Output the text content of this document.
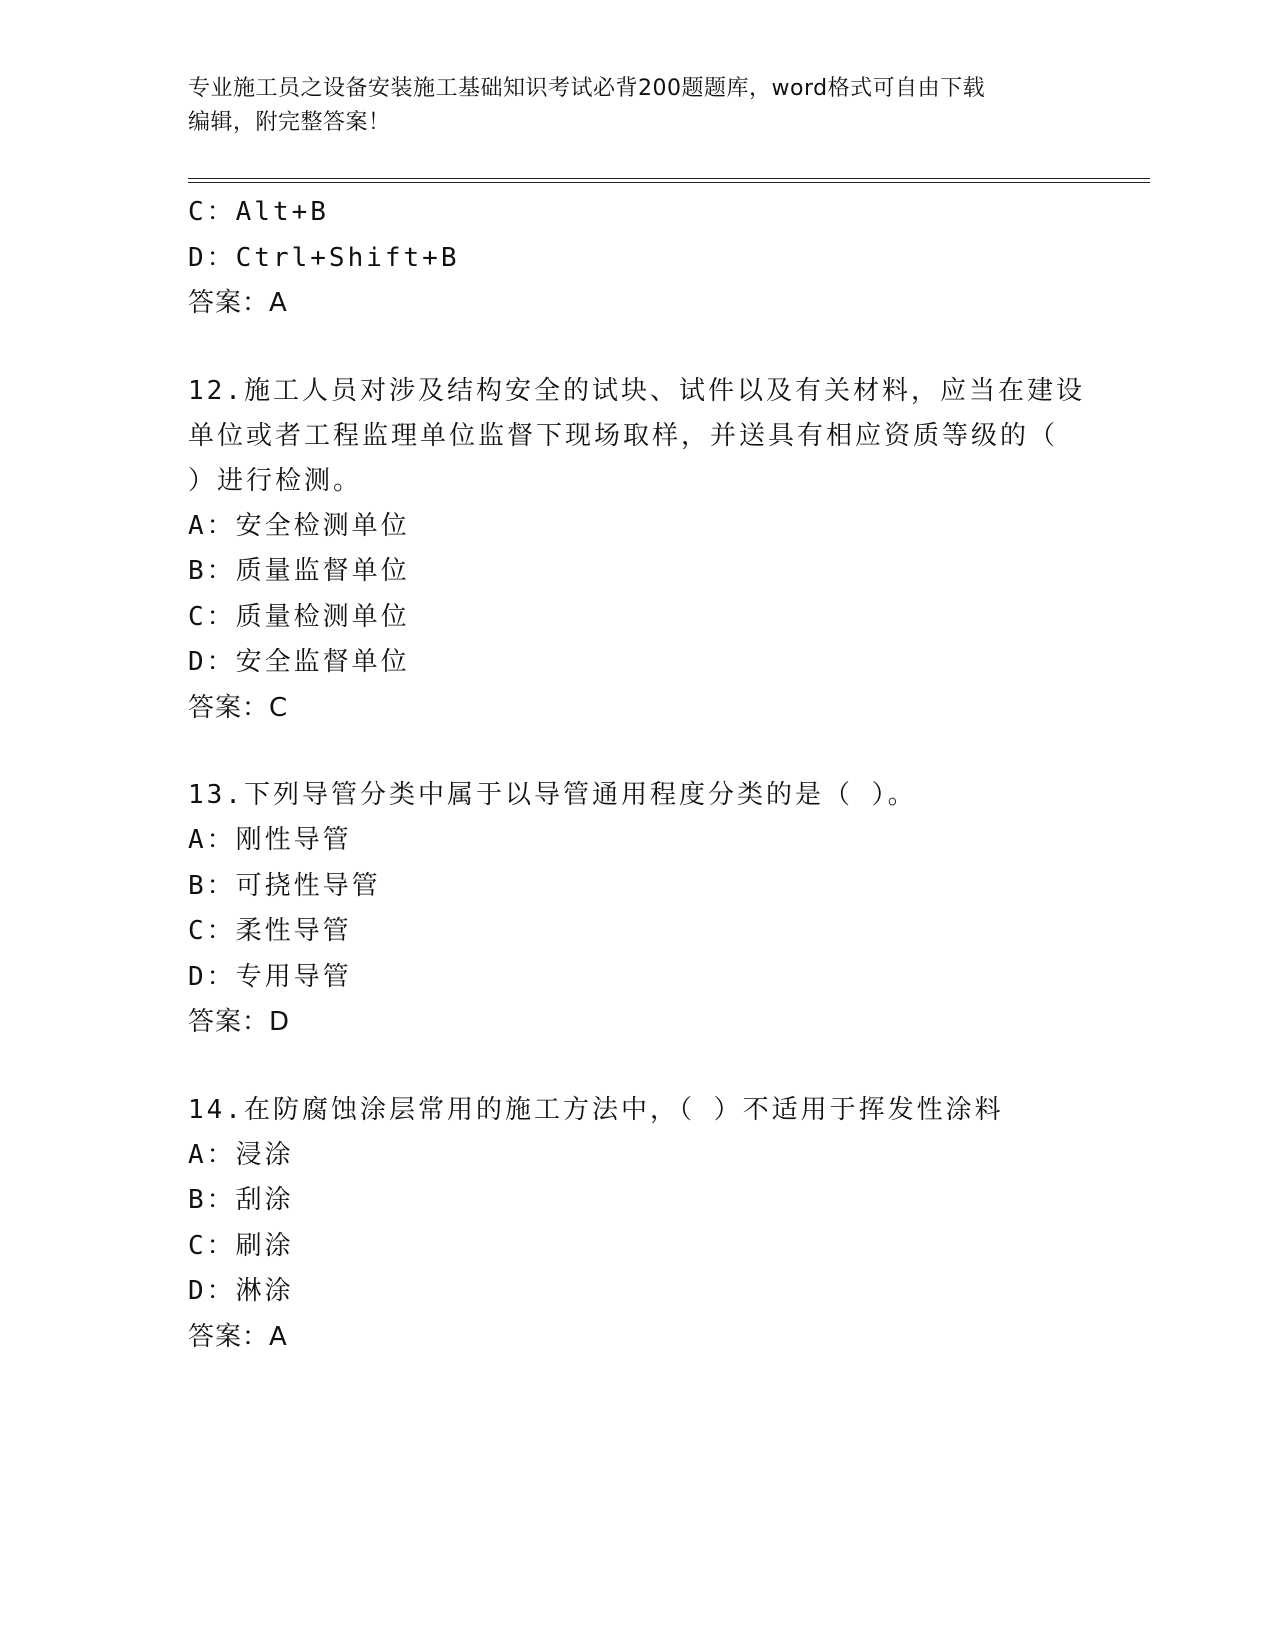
专业施工员之设备安装施工基础知识考试必背200题题库，word格式可自由下载
编辑，附完整答案！
C：Alt+B
D：Ctrl+Shift+B
答案：A
12.施工人员对涉及结构安全的试块、试件以及有关材料，应当在建设
单位或者工程监理单位监督下现场取样，并送具有相应资质等级的（
）进行检测。
A：安全检测单位
B：质量监督单位
C：质量检测单位
D：安全监督单位
答案：C
13.下列导管分类中属于以导管通用程度分类的是（ ）。
A：刚性导管
B：可挠性导管
C：柔性导管
D：专用导管
答案：D
14.在防腐蚀涂层常用的施工方法中，（ ）不适用于挥发性涂料
A：浸涂
B：刮涂
C：刷涂
D：淋涂
答案：A
